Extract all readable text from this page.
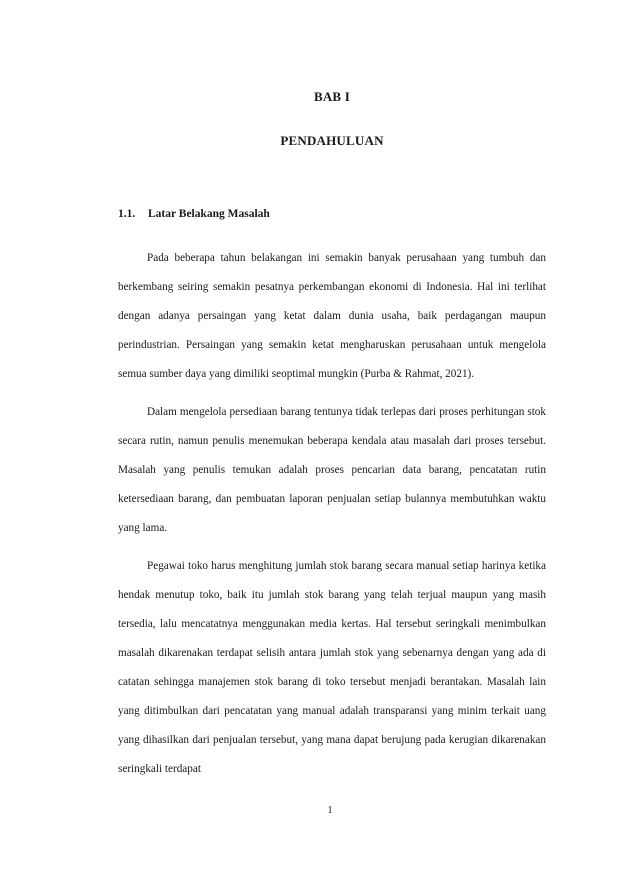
BAB I
PENDAHULUAN
1.1. Latar Belakang Masalah

Pada beberapa tahun belakangan ini semakin banyak perusahaan yang tumbuh dan berkembang seiring semakin pesatnya perkembangan ekonomi di Indonesia. Hal ini terlihat dengan adanya persaingan yang ketat dalam dunia usaha, baik perdagangan maupun perindustrian. Persaingan yang semakin ketat mengharuskan perusahaan untuk mengelola semua sumber daya yang dimiliki seoptimal mungkin (Purba & Rahmat, 2021).

Dalam mengelola persediaan barang tentunya tidak terlepas dari proses perhitungan stok secara rutin, namun penulis menemukan beberapa kendala atau masalah dari proses tersebut. Masalah yang penulis temukan adalah proses pencarian data barang, pencatatan rutin ketersediaan barang, dan pembuatan laporan penjualan setiap bulannya membutuhkan waktu yang lama.

Pegawai toko harus menghitung jumlah stok barang secara manual setiap harinya ketika hendak menutup toko, baik itu jumlah stok barang yang telah terjual maupun yang masih tersedia, lalu mencatatnya menggunakan media kertas. Hal tersebut seringkali menimbulkan masalah dikarenakan terdapat selisih antara jumlah stok yang sebenarnya dengan yang ada di catatan sehingga manajemen stok barang di toko tersebut menjadi berantakan. Masalah lain yang ditimbulkan dari pencatatan yang manual adalah transparansi yang minim terkait uang yang dihasilkan dari penjualan tersebut, yang mana dapat berujung pada kerugian dikarenakan seringkali terdapat

1
